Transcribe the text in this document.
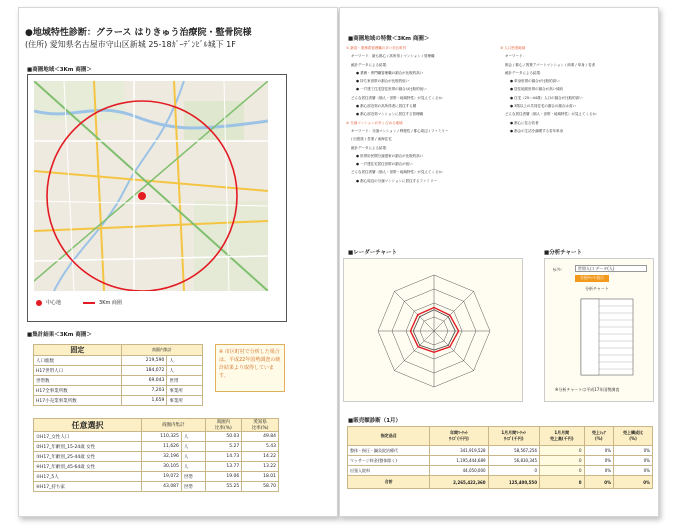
●地域特性診断：グラース はりきゅう治療院・整骨院様
(住所) 愛知県名古屋市守山区新城 25-18ｶﾞｰﾃﾞﾝﾋﾞﾙ城下 1F
■商圏地域＜3Km 商圏＞
中心地	3Km 商圏
■集計結果＜3Km 商圏＞
固定	商圏内集計	
人口総数	219,590	人
H17世帯人口	184,072	人
世帯数	69,043	世帯
H17全事業所数	7,203	事業所
H17小売業事業所数	1,659	事業所
※ 市区町村で分析した場合は、平成22年国勢調査の統計結果より取得しています。
任意選択	商圏内集計		商圏内
比率(%)	愛知県
比率(%)
①H17_女性人口	110,325	人	50.03	49.84
②H17_年齢別_15-24歳 女性	11,626	人	5.27	5.43
③H17_年齢別_25-44歳 女性	32,196	人	14.73	14.22
④H17_年齢別_45-64歳 女性	30,105	人	13.77	13.22
⑤H17_5人	19,072	世帯	19.06	18.01
⑥H17_持ち家	43,087	世帯	55.25	58.70
■商圏地域の特徴＜3Km 商圏＞
① 最高・業務系管理職の多い市区町村
キーワード：最も都心 / 高所得 / マンション / 管理職
統計データによる結果：
● 業務・専門職管理職の割合が比較的高い
● 持ち家世帯の割合が比較的低い
● 一戸建て住宅居住世帯の割合は比較的低い
どんな居住者層（個人・世帯・地域特性）が見えてくるか：
● 都心部近郊の高所得者に居住する層
● 都心部近郊マンションに居住する管理職
② 分譲マンションが多く占める地域
キーワード：分譲マンション / 利便性 / 都心周辺 / ファミリー
/ 出張族 / 営業 / 東海住宅
統計データによる結果：
● 世帯用民間分譲借家の割合が比較的高い
● 一戸建住宅居住世帯の割合が低い
どんな居住者層（個人・世帯・地域特性）が見えてくるか：
● 都心周辺の分譲マンションに居住するファミリー
③ 人口密度地域
キーワード：
都会 / 都心 / 賃貸アパートマンション / 商業 / 単身 / 若者
統計データによる結果：
● 単身世帯の割合が比較的高い
● 居住地総世帯の割合が高い傾向
● 住宅（25〜44歳）人口の割合が比較的高い
● 3階以上の共同住宅の割合の割合は高い
どんな居住者層（個人・世帯・地域特性）が見えてくるか：
● 都心に住む若者
● 都会の生活を満喫する若年単身
■レーダーチャート	■分析チャート
ｾﾚｸﾄ：	世帯人口 データ(人)
分析ﾁｬｰﾄ表示
分析チャート
※分析チャートは平成17年国勢調査
■販売額診断（1月）
指定品目	年間ﾏｰｹｯﾄ
ｻｲｽﾞ(千円)	1月月間ﾏｰｹｯﾄ
ｻｲｽﾞ(千円)	1月月間
売上高(千円)	売上ｼｪｱ
(%)	売上構成比
(%)
整体・指圧・鍼灸院治療代	341,919,528	58,567,256	0	0%	0%
マッサージ料金(整体除く)	1,195,444,689	56,830,345	0	0%	0%
出張入院料	44,050,000	0	0	0%	0%
合計	2,265,422,360	125,400,550	0	0%	0%
